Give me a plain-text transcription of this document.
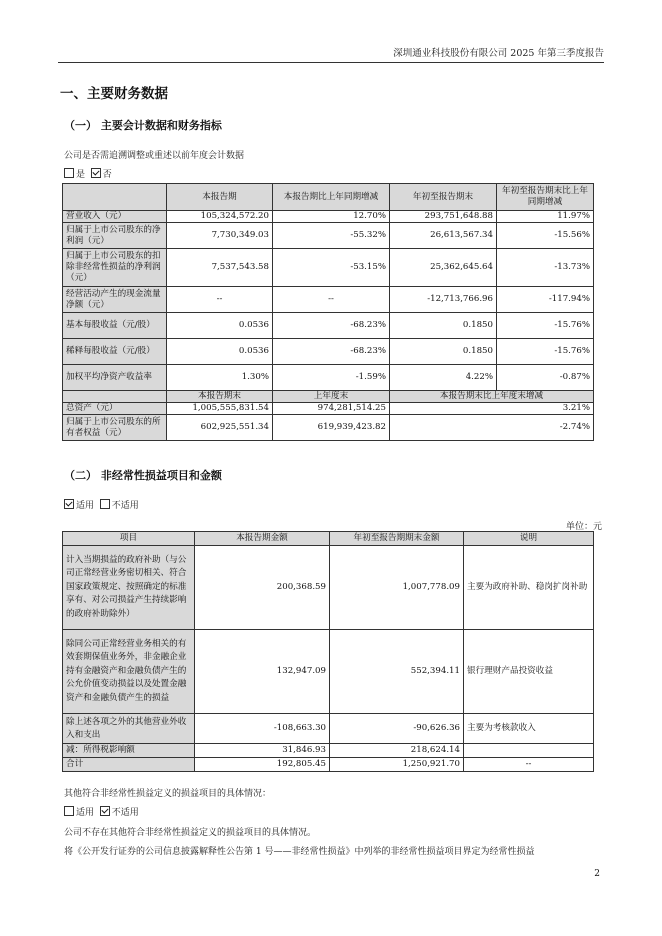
深圳通业科技股份有限公司 2025 年第三季度报告
一、主要财务数据
（一） 主要会计数据和财务指标
公司是否需追溯调整或重述以前年度会计数据
是 否
	本报告期	本报告期比上年同期增减	年初至报告期末	年初至报告期末比上年同期增减
营业收入（元）	105,324,572.20	12.70%	293,751,648.88	11.97%
归属于上市公司股东的净利润（元）	7,730,349.03	-55.32%	26,613,567.34	-15.56%
归属于上市公司股东的扣除非经常性损益的净利润（元）	7,537,543.58	-53.15%	25,362,645.64	-13.73%
经营活动产生的现金流量净额（元）	--	--	-12,713,766.96	-117.94%
基本每股收益（元/股）	0.0536	-68.23%	0.1850	-15.76%
稀释每股收益（元/股）	0.0536	-68.23%	0.1850	-15.76%
加权平均净资产收益率	1.30%	-1.59%	4.22%	-0.87%
	本报告期末	上年度末	本报告期末比上年度末增减	
总资产（元）	1,005,555,831.54	974,281,514.25	3.21%	
归属于上市公司股东的所有者权益（元）	602,925,551.34	619,939,423.82	-2.74%	
（二） 非经常性损益项目和金额
适用 不适用
单位：元
项目	本报告期金额	年初至报告期期末金额	说明
计入当期损益的政府补助（与公司正常经营业务密切相关、符合国家政策规定、按照确定的标准享有、对公司损益产生持续影响的政府补助除外）	200,368.59	1,007,778.09	主要为政府补助、稳岗扩岗补助
除同公司正常经营业务相关的有效套期保值业务外，非金融企业持有金融资产和金融负债产生的公允价值变动损益以及处置金融资产和金融负债产生的损益	132,947.09	552,394.11	银行理财产品投资收益
除上述各项之外的其他营业外收入和支出	-108,663.30	-90,626.36	主要为考核款收入
减：所得税影响额	31,846.93	218,624.14	
合计	192,805.45	1,250,921.70	--
其他符合非经常性损益定义的损益项目的具体情况：
适用 不适用
公司不存在其他符合非经常性损益定义的损益项目的具体情况。
将《公开发行证券的公司信息披露解释性公告第 1 号——非经常性损益》中列举的非经常性损益项目界定为经常性损益
2
